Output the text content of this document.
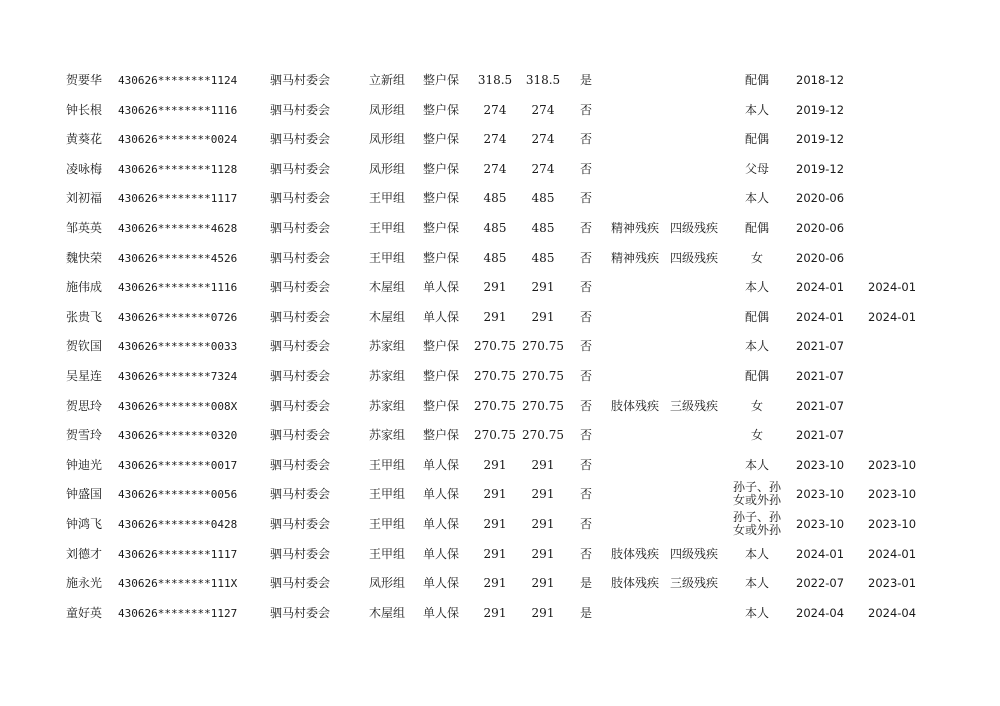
贺要华	430626********1124	驷马村委会	立新组	整户保	318.5	318.5	是	配偶	2018-12
钟长根	430626********1116	驷马村委会	凤形组	整户保	274	274	否	本人	2019-12
黄葵花	430626********0024	驷马村委会	凤形组	整户保	274	274	否	配偶	2019-12
凌咏梅	430626********1128	驷马村委会	凤形组	整户保	274	274	否	父母	2019-12
刘初福	430626********1117	驷马村委会	王甲组	整户保	485	485	否	本人	2020-06
邹英英	430626********4628	驷马村委会	王甲组	整户保	485	485	否	精神残疾 四级残疾	配偶	2020-06
魏快荣	430626********4526	驷马村委会	王甲组	整户保	485	485	否	精神残疾 四级残疾	女	2020-06
施伟成	430626********1116	驷马村委会	木屋组	单人保	291	291	否	本人	2024-01	2024-01
张贵飞	430626********0726	驷马村委会	木屋组	单人保	291	291	否	配偶	2024-01	2024-01
贺钦国	430626********0033	驷马村委会	苏家组	整户保	270.75 270.75 否	本人	2021-07
吴星连	430626********7324	驷马村委会	苏家组	整户保	270.75 270.75 否	配偶	2021-07
贺思玲	430626********008X	驷马村委会	苏家组	整户保	270.75 270.75 否	肢体残疾 三级残疾	女	2021-07
贺雪玲	430626********0320	驷马村委会	苏家组	整户保	270.75 270.75 否	女	2021-07
钟迪光	430626********0017	驷马村委会	王甲组	单人保	291	291	否	本人	2023-10	2023-10
钟盛国	430626********0056	驷马村委会	王甲组	单人保	291	291	否	孙子、孙女或外孙	2023-10	2023-10
钟鸿飞	430626********0428	驷马村委会	王甲组	单人保	291	291	否	孙子、孙女或外孙	2023-10	2023-10
刘德才	430626********1117	驷马村委会	王甲组	单人保	291	291	否	肢体残疾 四级残疾	本人	2024-01	2024-01
施永光	430626********111X	驷马村委会	凤形组	单人保	291	291	是	肢体残疾 三级残疾	本人	2022-07	2023-01
童好英	430626********1127	驷马村委会	木屋组	单人保	291	291	是	本人	2024-04	2024-04
